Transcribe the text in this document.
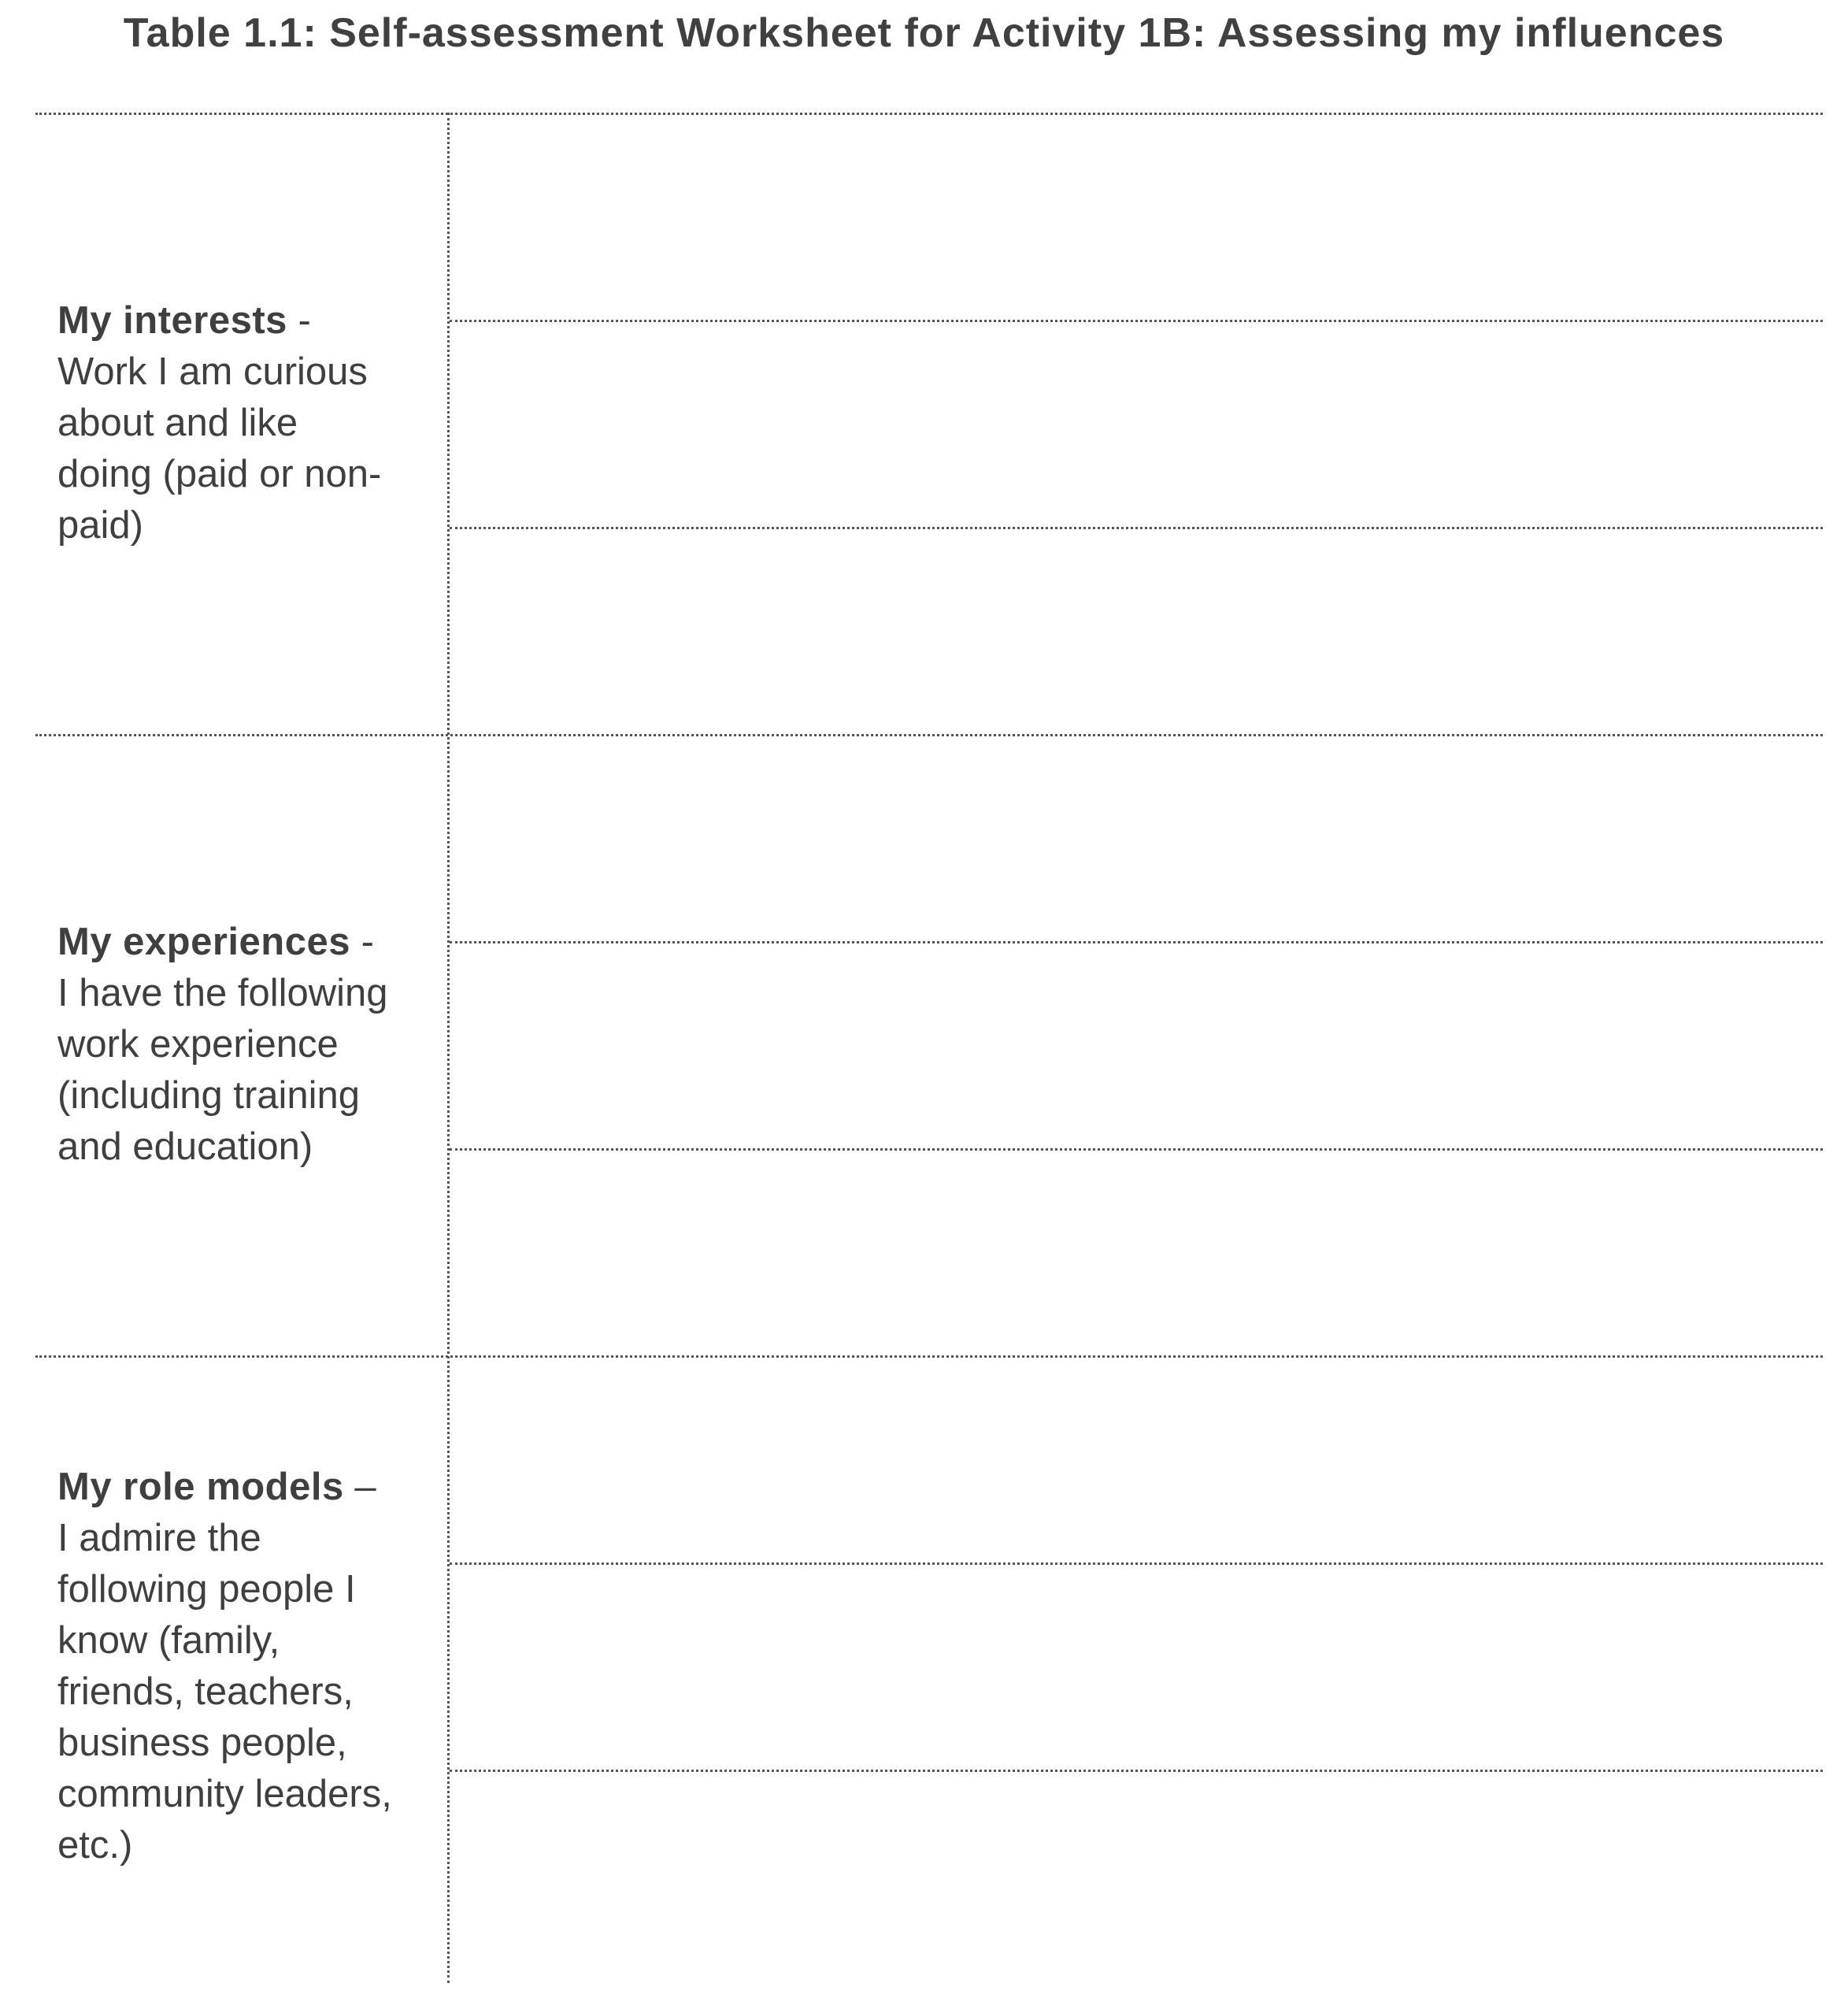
Table 1.1: Self-assessment Worksheet for Activity 1B: Assessing my influences
My interests -
Work I am curious
about and like
doing (paid or non-
paid)
My experiences -
I have the following
work experience
(including training
and education)
My role models –
I admire the
following people I
know (family,
friends, teachers,
business people,
community leaders,
etc.)
